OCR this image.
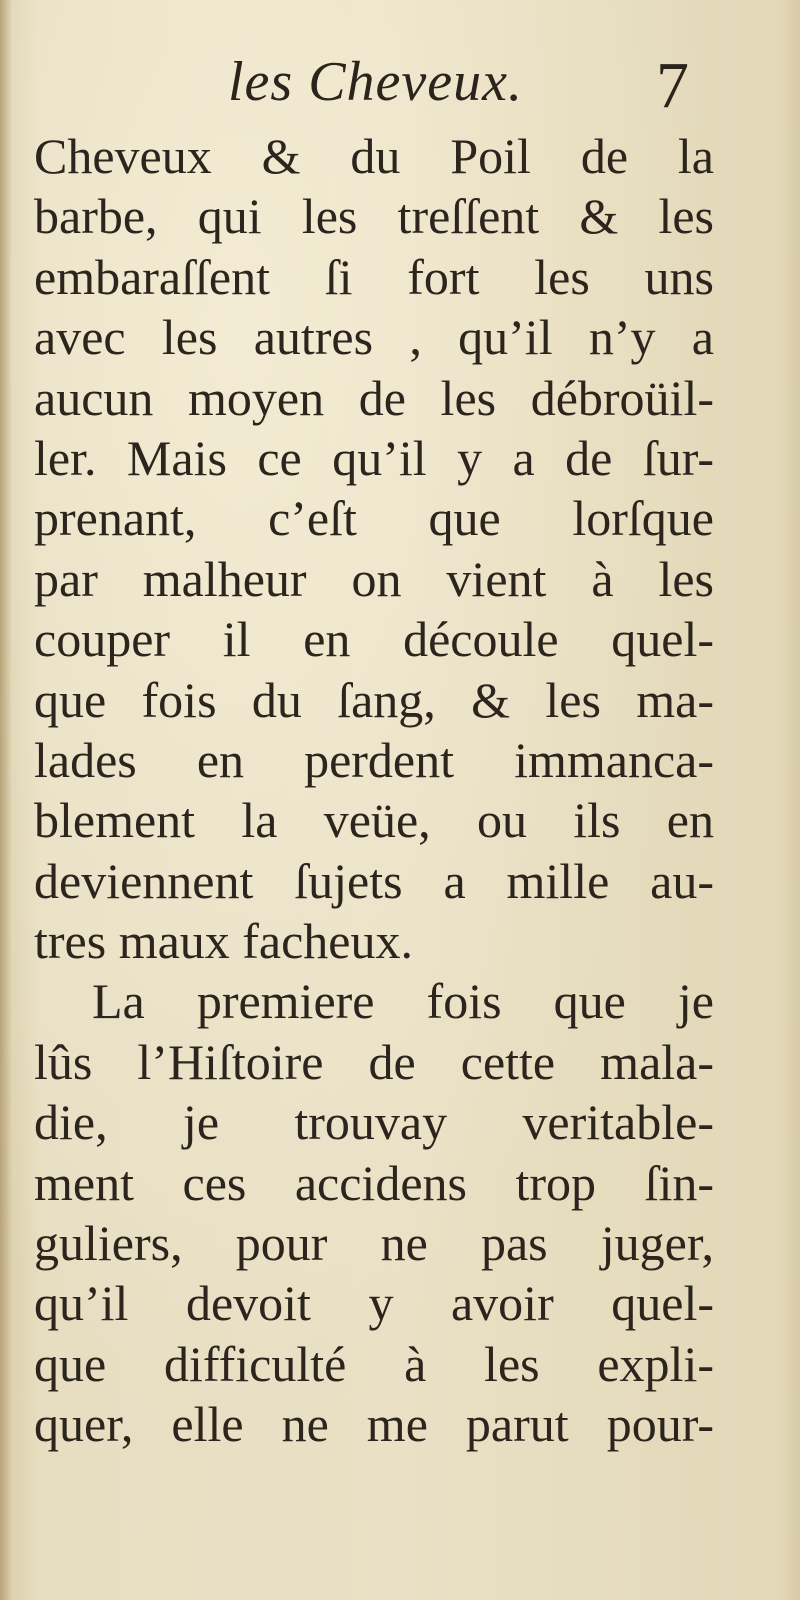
les Cheveux. 7
Cheveux & du Poil de la
barbe, qui les treſſent & les
embaraſſent ſi fort les uns
avec les autres , qu’il n’y a
aucun moyen de les débroüil-
ler. Mais ce qu’il y a de ſur-
prenant, c’eſt que lorſque
par malheur on vient à les
couper il en découle quel-
que fois du ſang, & les ma-
lades en perdent immanca-
blement la veüe, ou ils en
deviennent ſujets a mille au-
tres maux facheux.
La premiere fois que je
lûs l’Hiſtoire de cette mala-
die, je trouvay veritable-
ment ces accidens trop ſin-
guliers, pour ne pas juger,
qu’il devoit y avoir quel-
que difficulté à les expli-
quer, elle ne me parut pour-
